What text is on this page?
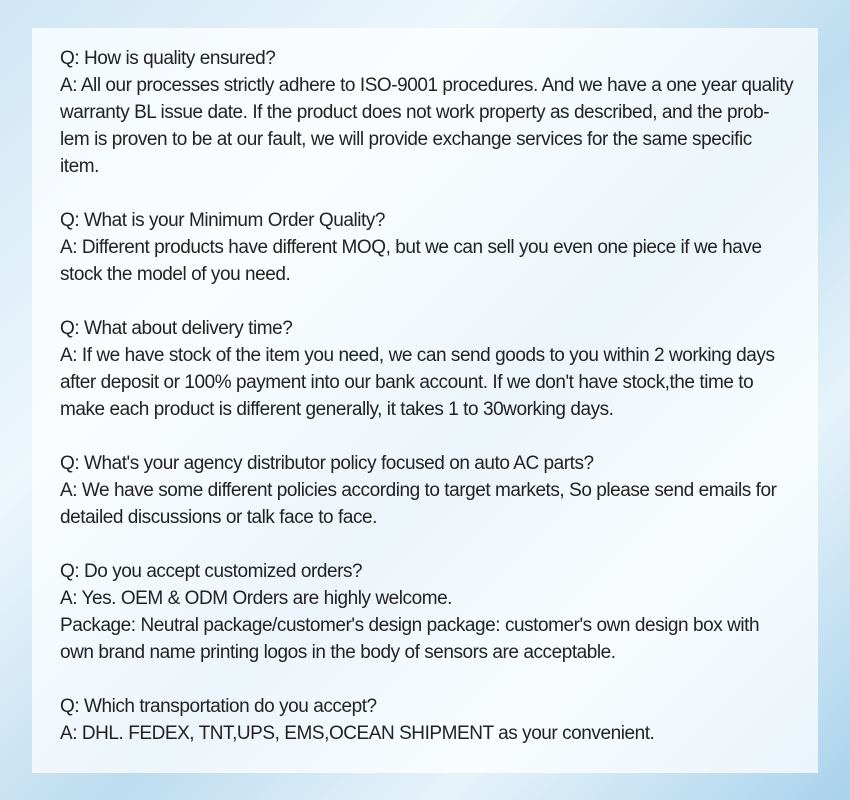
Q: How is quality ensured?
A: All our processes strictly adhere to ISO-9001 procedures. And we have a one year quality
warranty BL issue date. If the product does not work property as described, and the prob-
lem is proven to be at our fault, we will provide exchange services for the same specific
item.
Q: What is your Minimum Order Quality?
A: Different products have different MOQ, but we can sell you even one piece if we have
stock the model of you need.
Q: What about delivery time?
A: If we have stock of the item you need, we can send goods to you within 2 working days
after deposit or 100% payment into our bank account. If we don't have stock,the time to
make each product is different generally, it takes 1 to 30working days.
Q: What's your agency distributor policy focused on auto AC parts?
A: We have some different policies according to target markets, So please send emails for
detailed discussions or talk face to face.
Q: Do you accept customized orders?
A: Yes. OEM & ODM Orders are highly welcome.
Package: Neutral package/customer's design package: customer's own design box with
own brand name printing logos in the body of sensors are acceptable.
Q: Which transportation do you accept?
A: DHL. FEDEX, TNT,UPS, EMS,OCEAN SHIPMENT as your convenient.
